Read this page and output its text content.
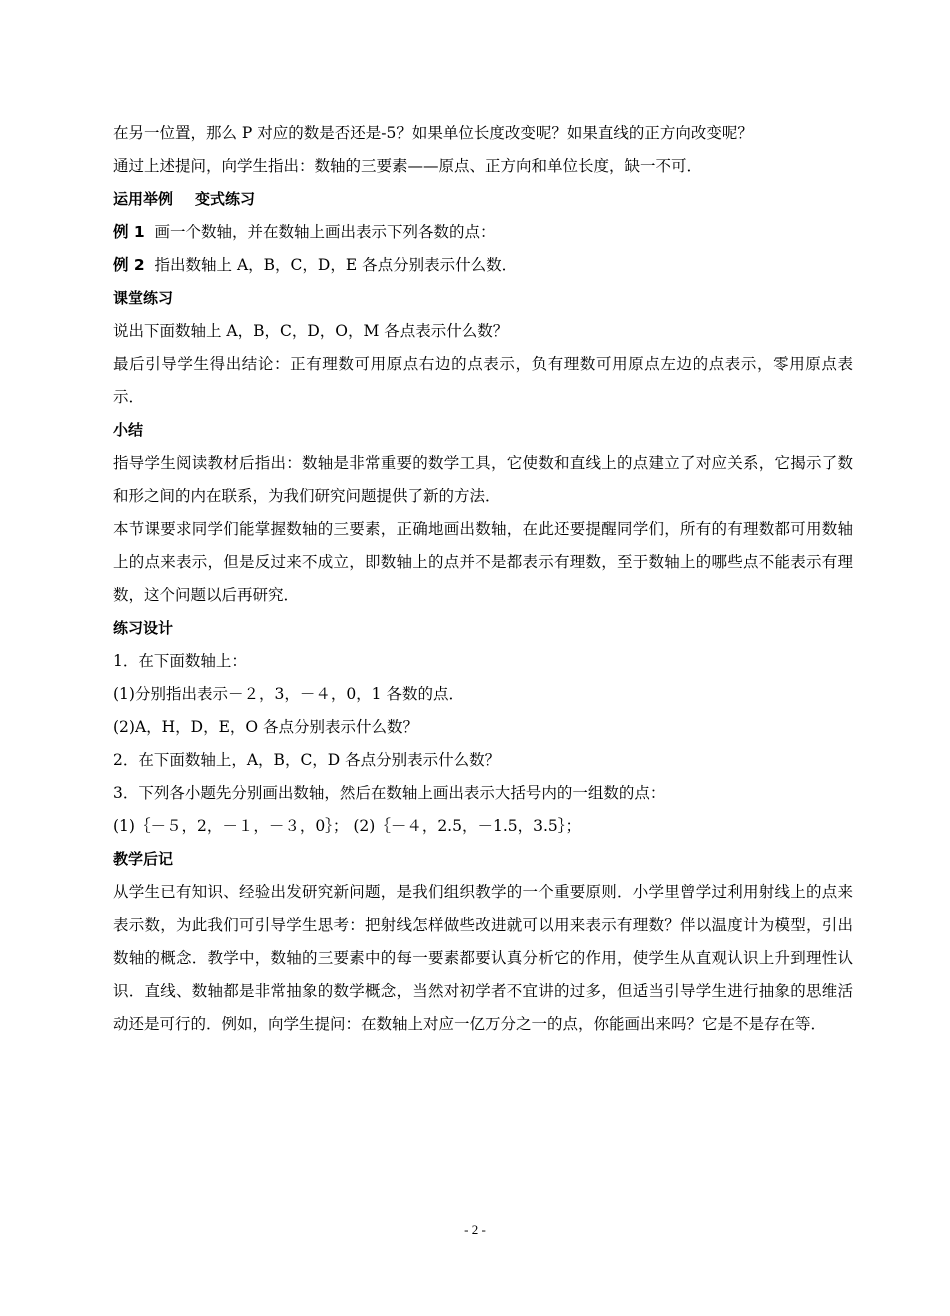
在另一位置，那么 P 对应的数是否还是-5？如果单位长度改变呢？如果直线的正方向改变呢？
通过上述提问，向学生指出：数轴的三要素——原点、正方向和单位长度，缺一不可．
运用举例 变式练习
例 1 画一个数轴，并在数轴上画出表示下列各数的点：
例 2 指出数轴上 A，B，C，D，E 各点分别表示什么数．
课堂练习
说出下面数轴上 A，B，C，D，O，M 各点表示什么数？
最后引导学生得出结论：正有理数可用原点右边的点表示，负有理数可用原点左边的点表示，零用原点表示．
小结
指导学生阅读教材后指出：数轴是非常重要的数学工具，它使数和直线上的点建立了对应关系，它揭示了数和形之间的内在联系，为我们研究问题提供了新的方法．
本节课要求同学们能掌握数轴的三要素，正确地画出数轴，在此还要提醒同学们，所有的有理数都可用数轴上的点来表示，但是反过来不成立，即数轴上的点并不是都表示有理数，至于数轴上的哪些点不能表示有理数，这个问题以后再研究．
练习设计
1．在下面数轴上：
(1)分别指出表示－２，3，－４，0，1 各数的点．
(2)A，H，D，E，O 各点分别表示什么数？
2．在下面数轴上，A，B，C，D 各点分别表示什么数？
3．下列各小题先分别画出数轴，然后在数轴上画出表示大括号内的一组数的点：
(1)｛－５，2，－１，－３，0｝； (2)｛－４，2.5，－1.5，3.5｝；
教学后记
从学生已有知识、经验出发研究新问题，是我们组织教学的一个重要原则．小学里曾学过利用射线上的点来表示数，为此我们可引导学生思考：把射线怎样做些改进就可以用来表示有理数？伴以温度计为模型，引出数轴的概念．教学中，数轴的三要素中的每一要素都要认真分析它的作用，使学生从直观认识上升到理性认识．直线、数轴都是非常抽象的数学概念，当然对初学者不宜讲的过多，但适当引导学生进行抽象的思维活动还是可行的．例如，向学生提问：在数轴上对应一亿万分之一的点，你能画出来吗？它是不是存在等．
- 2 -
